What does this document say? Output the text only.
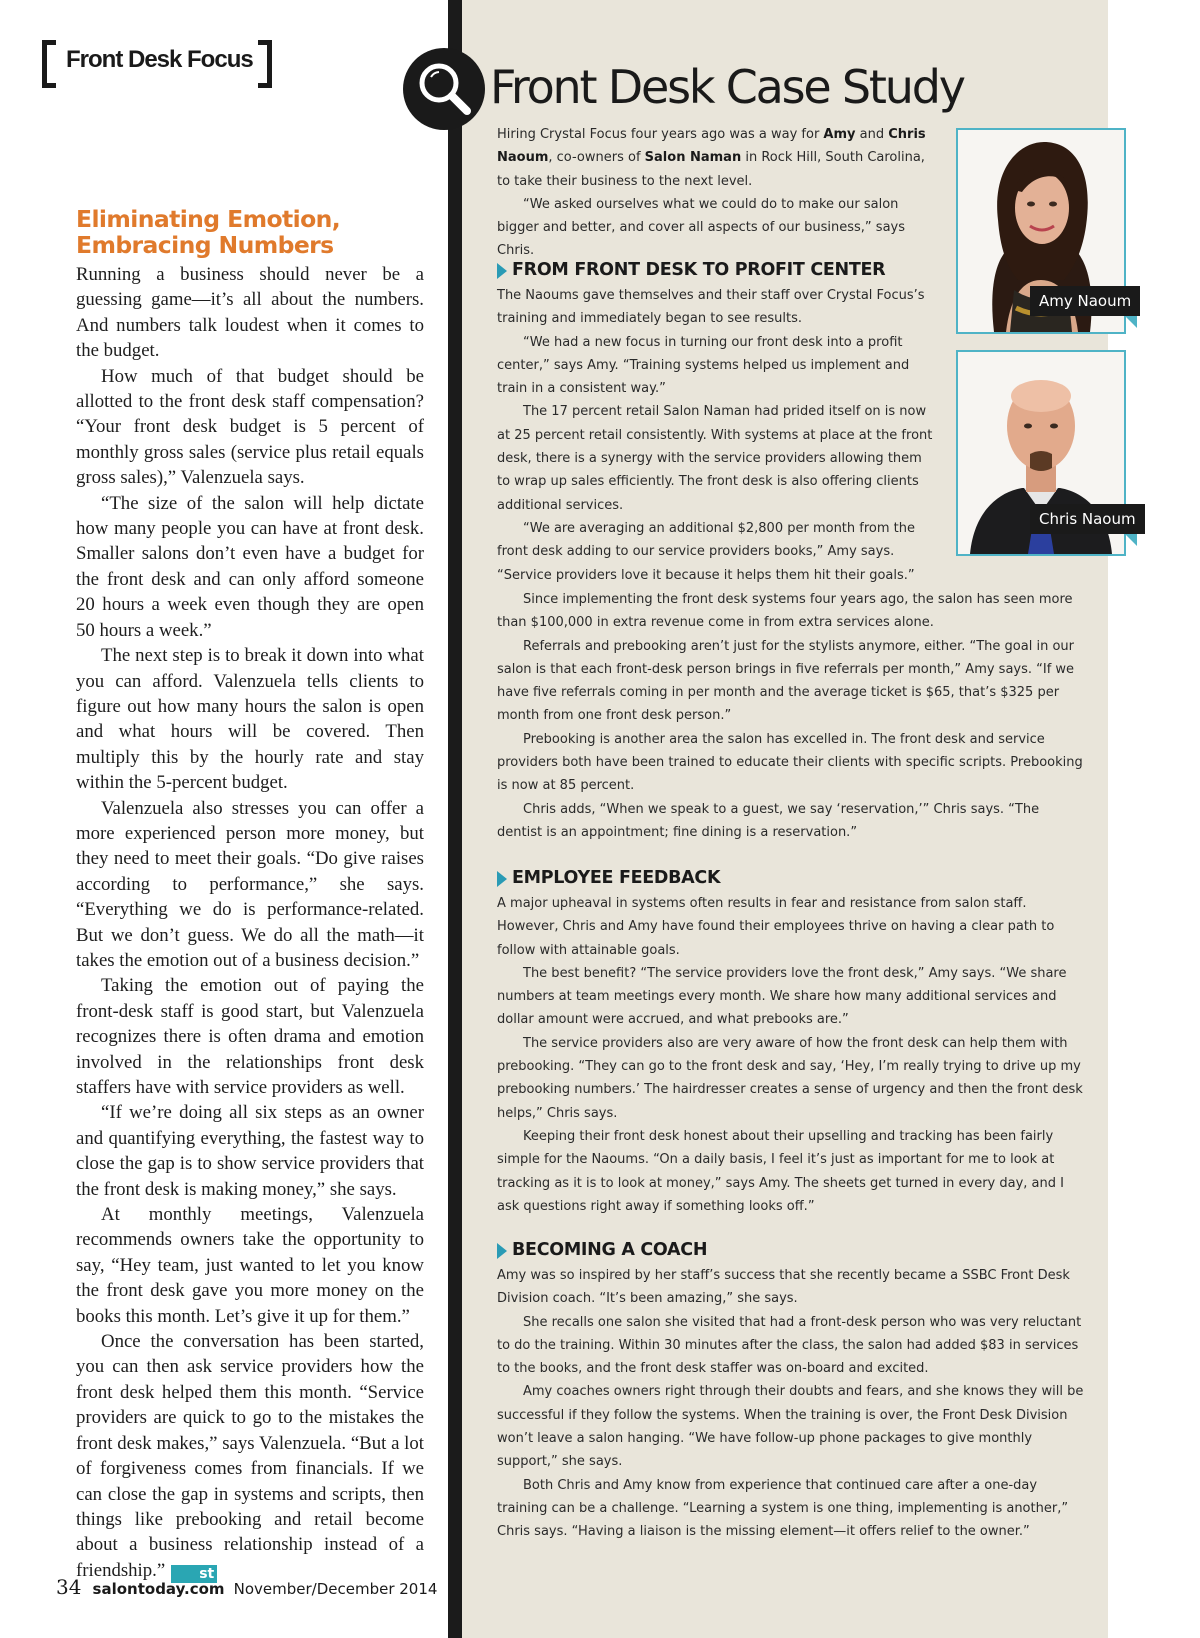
Front Desk Focus
Eliminating Emotion,
Embracing Numbers

Running a business should never be a guessing game—it’s all about the numbers. And numbers talk loudest when it comes to the budget.

How much of that budget should be allotted to the front desk staff compensation? “Your front desk budget is 5 percent of monthly gross sales (service plus retail equals gross sales),” Valenzuela says.

“The size of the salon will help dictate how many people you can have at front desk. Smaller salons don’t even have a budget for the front desk and can only afford someone 20 hours a week even though they are open 50 hours a week.”

The next step is to break it down into what you can afford. Valenzuela tells clients to figure out how many hours the salon is open and what hours will be covered. Then multiply this by the hourly rate and stay within the 5-percent budget.

Valenzuela also stresses you can offer a more experienced person more money, but they need to meet their goals. “Do give raises according to performance,” she says. “Everything we do is performance-related. But we don’t guess. We do all the math—it takes the emotion out of a business decision.”

Taking the emotion out of paying the front-desk staff is good start, but Valenzuela recognizes there is often drama and emotion involved in the relationships front desk staffers have with service providers as well.

“If we’re doing all six steps as an owner and quantifying everything, the fastest way to close the gap is to show service providers that the front desk is making money,” she says.

At monthly meetings, Valenzuela recommends owners take the opportunity to say, “Hey team, just wanted to let you know the front desk gave you more money on the books this month. Let’s give it up for them.”

Once the conversation has been started, you can then ask service providers how the front desk helped them this month. “Service providers are quick to go to the mistakes the front desk makes,” says Valenzuela. “But a lot of forgiveness comes from financials. If we can close the gap in systems and scripts, then things like prebooking and retail become about a business relationship instead of a friendship.” st

Front Desk Case Study

Hiring Crystal Focus four years ago was a way for Amy and Chris Naoum, co-owners of Salon Naman in Rock Hill, South Carolina, to take their business to the next level.

“We asked ourselves what we could do to make our salon bigger and better, and cover all aspects of our business,” says Chris.

FROM FRONT DESK TO PROFIT CENTER

The Naoums gave themselves and their staff over Crystal Focus’s training and immediately began to see results.

“We had a new focus in turning our front desk into a profit center,” says Amy. “Training systems helped us implement and train in a consistent way.”

The 17 percent retail Salon Naman had prided itself on is now at 25 percent retail consistently. With systems at place at the front desk, there is a synergy with the service providers allowing them to wrap up sales efficiently. The front desk is also offering clients additional services.

“We are averaging an additional $2,800 per month from the front desk adding to our service providers books,” Amy says. “Service providers love it because it helps them hit their goals.”

Since implementing the front desk systems four years ago, the salon has seen more than $100,000 in extra revenue come in from extra services alone.

Referrals and prebooking aren’t just for the stylists anymore, either. “The goal in our salon is that each front-desk person brings in five referrals per month,” Amy says. “If we have five referrals coming in per month and the average ticket is $65, that’s $325 per month from one front desk person.”

Prebooking is another area the salon has excelled in. The front desk and service providers both have been trained to educate their clients with specific scripts. Prebooking is now at 85 percent.

Chris adds, “When we speak to a guest, we say ‘reservation,’” Chris says. “The dentist is an appointment; fine dining is a reservation.”

EMPLOYEE FEEDBACK

A major upheaval in systems often results in fear and resistance from salon staff. However, Chris and Amy have found their employees thrive on having a clear path to follow with attainable goals.

The best benefit? “The service providers love the front desk,” Amy says. “We share numbers at team meetings every month. We share how many additional services and dollar amount were accrued, and what prebooks are.”

The service providers also are very aware of how the front desk can help them with prebooking. “They can go to the front desk and say, ‘Hey, I’m really trying to drive up my prebooking numbers.’ The hairdresser creates a sense of urgency and then the front desk helps,” Chris says.

Keeping their front desk honest about their upselling and tracking has been fairly simple for the Naoums. “On a daily basis, I feel it’s just as important for me to look at tracking as it is to look at money,” says Amy. The sheets get turned in every day, and I ask questions right away if something looks off.”

BECOMING A COACH

Amy was so inspired by her staff’s success that she recently became a SSBC Front Desk Division coach. “It’s been amazing,” she says.

She recalls one salon she visited that had a front-desk person who was very reluctant to do the training. Within 30 minutes after the class, the salon had added $83 in services to the books, and the front desk staffer was on-board and excited.

Amy coaches owners right through their doubts and fears, and she knows they will be successful if they follow the systems. When the training is over, the Front Desk Division won’t leave a salon hanging. “We have follow-up phone packages to give monthly support,” she says.

Both Chris and Amy know from experience that continued care after a one-day training can be a challenge. “Learning a system is one thing, implementing is another,” Chris says. “Having a liaison is the missing element—it offers relief to the owner.”

Amy Naoum
Chris Naoum
34 salontoday.com November/December 2014
